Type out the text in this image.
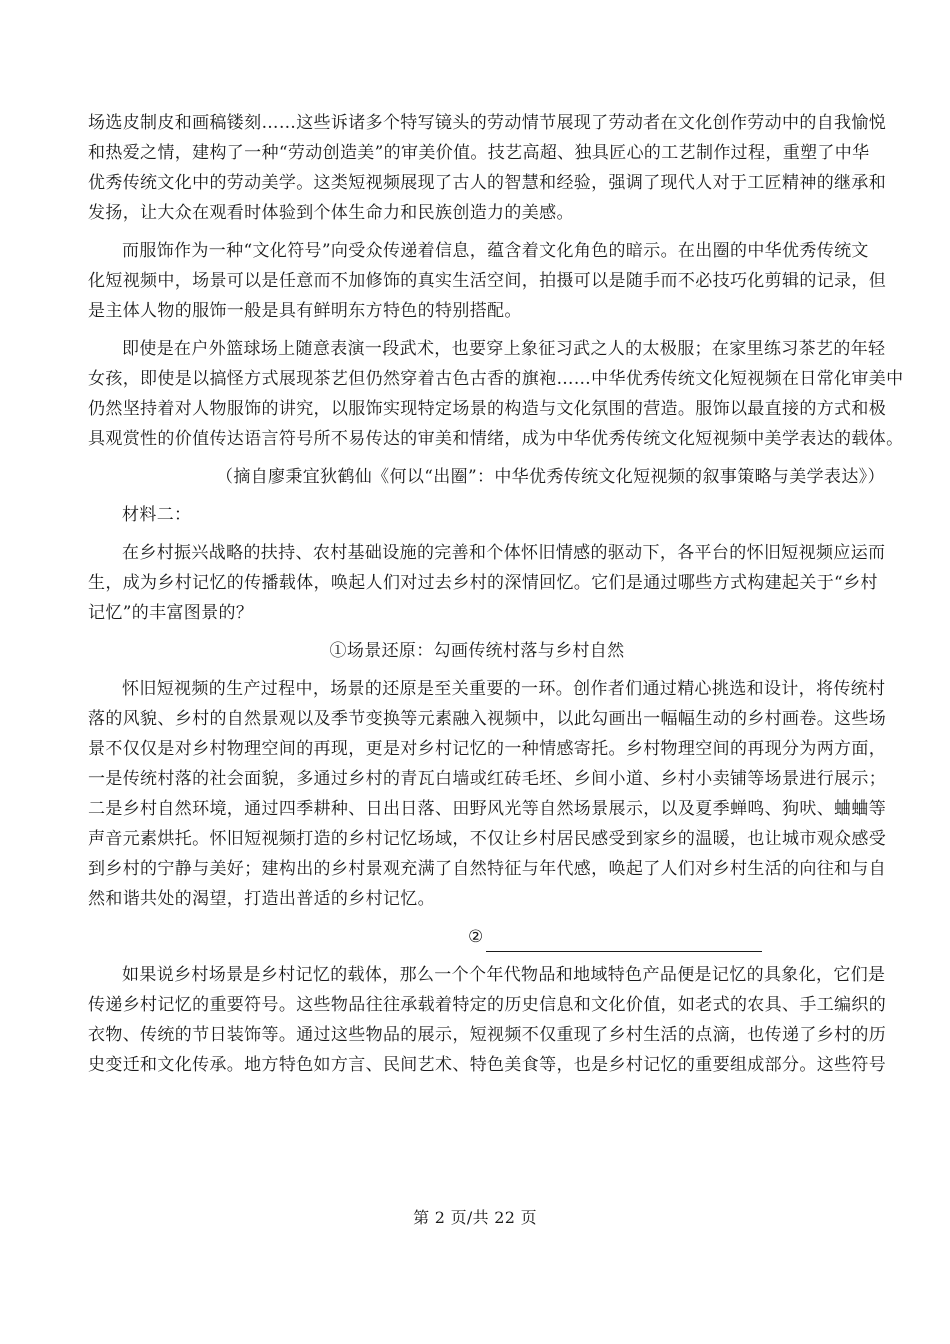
场选皮制皮和画稿镂刻……这些诉诸多个特写镜头的劳动情节展现了劳动者在文化创作劳动中的自我愉悦
和热爱之情，建构了一种“劳动创造美”的审美价值。技艺高超、独具匠心的工艺制作过程，重塑了中华
优秀传统文化中的劳动美学。这类短视频展现了古人的智慧和经验，强调了现代人对于工匠精神的继承和
发扬，让大众在观看时体验到个体生命力和民族创造力的美感。
而服饰作为一种“文化符号”向受众传递着信息，蕴含着文化角色的暗示。在出圈的中华优秀传统文
化短视频中，场景可以是任意而不加修饰的真实生活空间，拍摄可以是随手而不必技巧化剪辑的记录，但
是主体人物的服饰一般是具有鲜明东方特色的特别搭配。
即使是在户外篮球场上随意表演一段武术，也要穿上象征习武之人的太极服；在家里练习茶艺的年轻
女孩，即使是以搞怪方式展现茶艺但仍然穿着古色古香的旗袍……中华优秀传统文化短视频在日常化审美中
仍然坚持着对人物服饰的讲究，以服饰实现特定场景的构造与文化氛围的营造。服饰以最直接的方式和极
具观赏性的价值传达语言符号所不易传达的审美和情绪，成为中华优秀传统文化短视频中美学表达的载体。
（摘自廖秉宜狄鹤仙《何以“出圈”：中华优秀传统文化短视频的叙事策略与美学表达》）
材料二：
在乡村振兴战略的扶持、农村基础设施的完善和个体怀旧情感的驱动下，各平台的怀旧短视频应运而
生，成为乡村记忆的传播载体，唤起人们对过去乡村的深情回忆。它们是通过哪些方式构建起关于“乡村
记忆”的丰富图景的？
①场景还原：勾画传统村落与乡村自然
怀旧短视频的生产过程中，场景的还原是至关重要的一环。创作者们通过精心挑选和设计，将传统村
落的风貌、乡村的自然景观以及季节变换等元素融入视频中，以此勾画出一幅幅生动的乡村画卷。这些场
景不仅仅是对乡村物理空间的再现，更是对乡村记忆的一种情感寄托。乡村物理空间的再现分为两方面，
一是传统村落的社会面貌，多通过乡村的青瓦白墙或红砖毛坯、乡间小道、乡村小卖铺等场景进行展示；
二是乡村自然环境，通过四季耕种、日出日落、田野风光等自然场景展示，以及夏季蝉鸣、狗吠、蛐蛐等
声音元素烘托。怀旧短视频打造的乡村记忆场域，不仅让乡村居民感受到家乡的温暖，也让城市观众感受
到乡村的宁静与美好；建构出的乡村景观充满了自然特征与年代感，唤起了人们对乡村生活的向往和与自
然和谐共处的渴望，打造出普适的乡村记忆。
②
如果说乡村场景是乡村记忆的载体，那么一个个年代物品和地域特色产品便是记忆的具象化，它们是
传递乡村记忆的重要符号。这些物品往往承载着特定的历史信息和文化价值，如老式的农具、手工编织的
衣物、传统的节日装饰等。通过这些物品的展示，短视频不仅重现了乡村生活的点滴，也传递了乡村的历
史变迁和文化传承。地方特色如方言、民间艺术、特色美食等，也是乡村记忆的重要组成部分。这些符号
第 2 页/共 22 页
